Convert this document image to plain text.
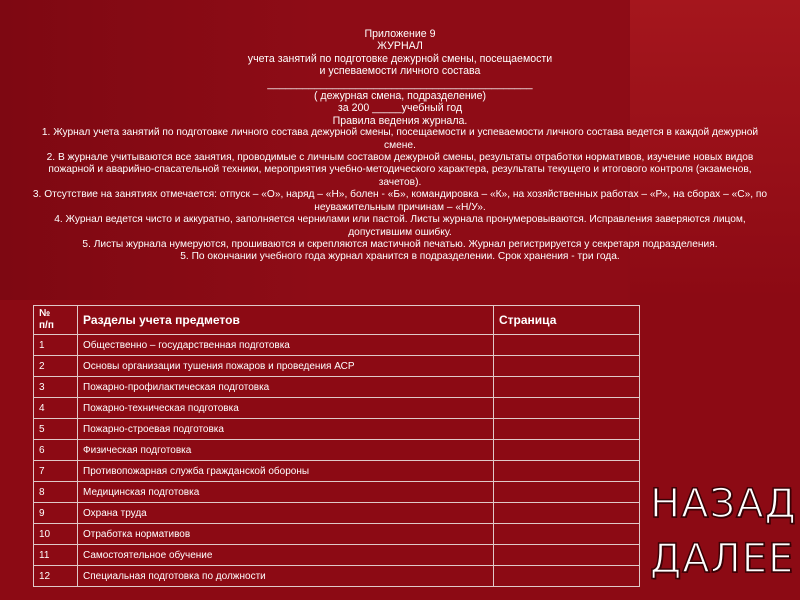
Приложение 9
ЖУРНАЛ
учета занятий по подготовке дежурной смены, посещаемости
и успеваемости личного состава
_____________________________________________
( дежурная смена, подразделение)
за 200 _____учебный год
Правила ведения журнала.
1. Журнал учета занятий по подготовке личного состава дежурной смены, посещаемости и успеваемости личного состава ведется в каждой дежурной смене.
2. В журнале учитываются все занятия, проводимые с личным составом дежурной смены, результаты отработки нормативов, изучение новых видов пожарной и аварийно-спасательной техники, мероприятия учебно-методического характера, результаты текущего и итогового контроля (экзаменов, зачетов).
3. Отсутствие на занятиях отмечается: отпуск – «О», наряд – «Н», болен - «Б», командировка – «К», на хозяйственных работах – «Р», на сборах – «С», по неуважительным причинам – «Н/У».
4. Журнал ведется чисто и аккуратно, заполняется чернилами или пастой. Листы журнала пронумеровываются. Исправления заверяются лицом, допустившим ошибку.
5. Листы журнала нумеруются, прошиваются и скрепляются мастичной печатью. Журнал регистрируется у секретаря подразделения.
5. По окончании учебного года журнал хранится в подразделении. Срок хранения - три года.
№
п/п	Разделы учета предметов	Страница
1	Общественно – государственная подготовка	
2	Основы организации тушения пожаров и проведения АСР	
3	Пожарно-профилактическая подготовка	
4	Пожарно-техническая подготовка	
5	Пожарно-строевая подготовка	
6	Физическая подготовка	
7	Противопожарная служба гражданской обороны	
8	Медицинская подготовка	
9	Охрана труда	
10	Отработка нормативов	
11	Самостоятельное обучение	
12	Специальная подготовка по должности	
НАЗАД
ДАЛЕЕ
